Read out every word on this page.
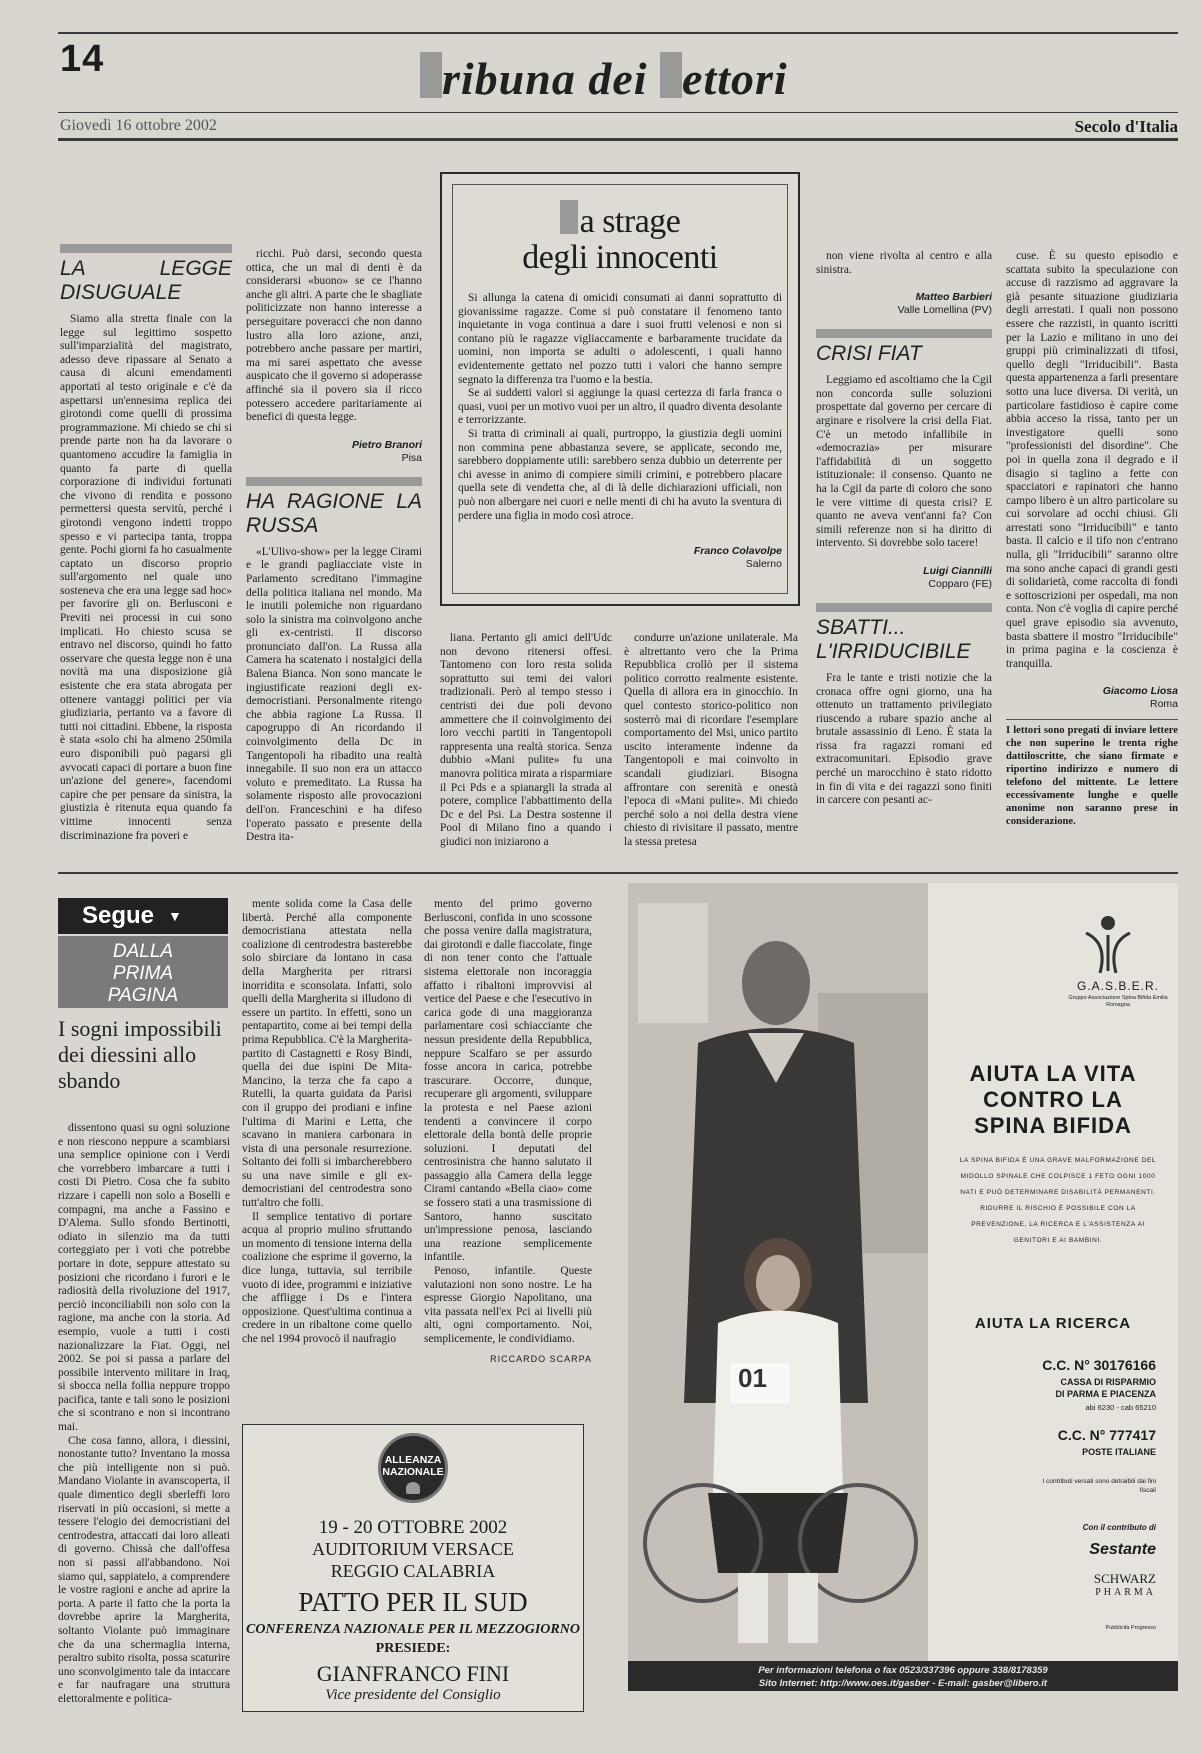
14	ribuna dei ettori
Giovedì 16 ottobre 2002	Secolo d'Italia
LA LEGGE DISUGUALE

Siamo alla stretta finale con la legge sul legittimo sospetto sull'imparzialità del magistrato, adesso deve ripassare al Senato a causa di alcuni emendamenti apportati al testo originale e c'è da aspettarsi un'ennesima replica dei girotondi come quelli di prossima programmazione. Mi chiedo se chi si prende parte non ha da lavorare o quantomeno accudire la famiglia in quanto fa parte di quella corporazione di individui fortunati che vivono di rendita e possono permettersi questa servitù, perché i girotondi vengono indetti troppo spesso e vi partecipa tanta, troppa gente. Pochi giorni fa ho casualmente captato un discorso proprio sull'argomento nel quale uno sosteneva che era una legge sad hoc» per favorire gli on. Berlusconi e Previti nei processi in cui sono implicati. Ho chiesto scusa se entravo nel discorso, quindi ho fatto osservare che questa legge non è una novità ma una disposizione già esistente che era stata abrogata per ottenere vantaggi politici per via giudiziaria, pertanto va a favore di tutti noi cittadini. Ebbene, la risposta è stata «solo chi ha almeno 250mila euro disponibili può pagarsi gli avvocati capaci di portare a buon fine un'azione del genere», facendomi capire che per pensare da sinistra, la giustizia è ritenuta equa quando fa vittime innocenti senza discriminazione fra poveri e

ricchi. Può darsi, secondo questa ottica, che un mal di denti è da considerarsi «buono» se ce l'hanno anche gli altri. A parte che le sbagliate politicizzate non hanno interesse a perseguitare poveracci che non danno lustro alla loro azione, anzi, potrebbero anche passare per martiri, ma mi sarei aspettato che avesse auspicato che il governo si adoperasse affinché sia il povero sia il ricco potessero accedere paritariamente ai benefici di questa legge.

Pietro Branori
Pisa
HA RAGIONE LA RUSSA

«L'Ulivo-show» per la legge Cirami e le grandi pagliacciate viste in Parlamento screditano l'immagine della politica italiana nel mondo. Ma le inutili polemiche non riguardano solo la sinistra ma coinvolgono anche gli ex-centristi. Il discorso pronunciato dall'on. La Russa alla Camera ha scatenato i nostalgici della Balena Bianca. Non sono mancate le ingiustificate reazioni degli ex-democristiani. Personalmente ritengo che abbia ragione La Russa. Il capogruppo di An ricordando il coinvolgimento della Dc in Tangentopoli ha ribadito una realtà innegabile. Il suo non era un attacco voluto e premeditato. La Russa ha solamente risposto alle provocazioni dell'on. Franceschini e ha difeso l'operato passato e presente della Destra ita-

a strage
degli innocenti

Si allunga la catena di omicidi consumati ai danni soprattutto di giovanissime ragazze. Come si può constatare il fenomeno tanto inquietante in voga continua a dare i suoi frutti velenosi e non si contano più le ragazze vigliaccamente e barbaramente trucidate da uomini, non importa se adulti o adolescenti, i quali hanno evidentemente gettato nel pozzo tutti i valori che hanno sempre segnato la differenza tra l'uomo e la bestia.

Se ai suddetti valori si aggiunge la quasi certezza di farla franca o quasi, vuoi per un motivo vuoi per un altro, il quadro diventa desolante e terrorizzante.

Si tratta di criminali ai quali, purtroppo, la giustizia degli uomini non commina pene abbastanza severe, se applicate, secondo me, sarebbero doppiamente utili: sarebbero senza dubbio un deterrente per chi avesse in animo di compiere simili crimini, e potrebbero placare quella sete di vendetta che, al di là delle dichiarazioni ufficiali, non può non albergare nei cuori e nelle menti di chi ha avuto la sventura di perdere una figlia in modo così atroce.

Franco Colavolpe
Salerno

liana. Pertanto gli amici dell'Udc non devono ritenersi offesi. Tantomeno con loro resta solida soprattutto sui temi dei valori tradizionali. Però al tempo stesso i centristi dei due poli devono ammettere che il coinvolgimento dei loro vecchi partiti in Tangentopoli rappresenta una realtà storica. Senza dubbio «Mani pulite» fu una manovra politica mirata a risparmiare il Pci Pds e a spianargli la strada al potere, complice l'abbattimento della Dc e del Psi. La Destra sostenne il Pool di Milano fino a quando i giudici non iniziarono a

condurre un'azione unilaterale. Ma è altrettanto vero che la Prima Repubblica crollò per il sistema politico corrotto realmente esistente. Quella di allora era in ginocchio. In quel contesto storico-politico non sosterrò mai di ricordare l'esemplare comportamento del Msi, unico partito uscito interamente indenne da Tangentopoli e mai coinvolto in scandali giudiziari. Bisogna affrontare con serenità e onestà l'epoca di «Mani pulite». Mi chiedo perché solo a noi della destra viene chiesto di rivisitare il passato, mentre la stessa pretesa

non viene rivolta al centro e alla sinistra.

Matteo Barbieri
Valle Lomellina (PV)
CRISI FIAT

Leggiamo ed ascoltiamo che la Cgil non concorda sulle soluzioni prospettate dal governo per cercare di arginare e risolvere la crisi della Fiat. C'è un metodo infallibile in «democrazia» per misurare l'affidabilità di un soggetto istituzionale: il consenso. Quanto ne ha la Cgil da parte di coloro che sono le vere vittime di questa crisi? E quanto ne aveva vent'anni fa? Con simili referenze non si ha diritto di intervento. Si dovrebbe solo tacere!

Luigi Ciannilli
Copparo (FE)
SBATTI... L'IRRIDUCIBILE

Fra le tante e tristi notizie che la cronaca offre ogni giorno, una ha ottenuto un trattamento privilegiato riuscendo a rubare spazio anche al brutale assassinio di Leno. È stata la rissa fra ragazzi romani ed extracomunitari. Episodio grave perché un marocchino è stato ridotto in fin di vita e dei ragazzi sono finiti in carcere con pesanti ac-

cuse. È su questo episodio e scattata subito la speculazione con accuse di razzismo ad aggravare la già pesante situazione giudiziaria degli arrestati. I quali non possono essere che razzisti, in quanto iscritti per la Lazio e militano in uno dei gruppi più criminalizzati di tifosi, quello degli "Irriducibili". Basta questa appartenenza a farli presentare sotto una luce diversa. Di verità, un particolare fastidioso è capire come abbia acceso la rissa, tanto per un investigatore quelli sono "professionisti del disordine". Che poi in quella zona il degrado e il disagio si taglino a fette con spacciatori e rapinatori che hanno campo libero è un altro particolare su cui sorvolare ad occhi chiusi. Gli arrestati sono "Irriducibili" e tanto basta. Il calcio e il tifo non c'entrano nulla, gli "Irriducibili" saranno oltre ma sono anche capaci di grandi gesti di solidarietà, come raccolta di fondi e sottoscrizioni per ospedali, ma non conta. Non c'è voglia di capire perché quel grave episodio sia avvenuto, basta sbattere il mostro "Irriducibile" in prima pagina e la coscienza è tranquilla.

Giacomo Liosa
Roma
I lettori sono pregati di inviare lettere che non superino le trenta righe dattiloscritte, che siano firmate e riportino indirizzo e numero di telefono del mittente. Le lettere eccessivamente lunghe e quelle anonime non saranno prese in considerazione.
Segue ▼
DALLA
PRIMA
PAGINA
I sogni impossibili dei diessini allo sbando

dissentono quasi su ogni soluzione e non riescono neppure a scambiarsi una semplice opinione con i Verdi che vorrebbero imbarcare a tutti i costi Di Pietro. Cosa che fa subito rizzare i capelli non solo a Boselli e compagni, ma anche a Fassino e D'Alema. Sullo sfondo Bertinotti, odiato in silenzio ma da tutti corteggiato per i voti che potrebbe portare in dote, seppure attestato su posizioni che ricordano i furori e le radiosità della rivoluzione del 1917, perciò inconciliabili non solo con la ragione, ma anche con la storia. Ad esempio, vuole a tutti i costi nazionalizzare la Fiat. Oggi, nel 2002. Se poi si passa a parlare del possibile intervento militare in Iraq, si sbocca nella follia neppure troppo pacifica, tante e tali sono le posizioni che si scontrano e non si incontrano mai.

Che cosa fanno, allora, i diessini, nonostante tutto? Inventano la mossa che più intelligente non si può. Mandano Violante in avanscoperta, il quale dimentico degli sberleffi loro riservati in più occasioni, si mette a tessere l'elogio dei democristiani del centrodestra, attaccati dai loro alleati di governo. Chissà che dall'offesa non si passi all'abbandono. Noi siamo qui, sappiatelo, a comprendere le vostre ragioni e anche ad aprire la porta. A parte il fatto che la porta la dovrebbe aprire la Margherita, soltanto Violante può immaginare che da una schermaglia interna, peraltro subito risolta, possa scaturire uno sconvolgimento tale da intaccare e far naufragare una struttura elettoralmente e politica-

mente solida come la Casa delle libertà. Perché alla componente democristiana attestata nella coalizione di centrodestra basterebbe solo sbirciare da lontano in casa della Margherita per ritrarsi inorridita e sconsolata. Infatti, solo quelli della Margherita si illudono di essere un partito. In effetti, sono un pentapartito, come ai bei tempi della prima Repubblica. C'è la Margherita-partito di Castagnetti e Rosy Bindi, quella dei due ispini De Mita-Mancino, la terza che fa capo a Rutelli, la quarta guidata da Parisi con il gruppo dei prodiani e infine l'ultima di Marini e Letta, che scavano in maniera carbonara in vista di una personale resurrezione. Soltanto dei folli si imbarcherebbero su una nave simile e gli ex-democristiani del centrodestra sono tutt'altro che folli.

Il semplice tentativo di portare acqua al proprio mulino sfruttando un momento di tensione interna della coalizione che esprime il governo, la dice lunga, tuttavia, sul terribile vuoto di idee, programmi e iniziative che affligge i Ds e l'intera opposizione. Quest'ultima continua a credere in un ribaltone come quello che nel 1994 provocò il naufragio

mento del primo governo Berlusconi, confida in uno scossone che possa venire dalla magistratura, dai girotondi e dalle fiaccolate, finge di non tener conto che l'attuale sistema elettorale non incoraggia affatto i ribaltoni improvvisi al vertice del Paese e che l'esecutivo in carica gode di una maggioranza parlamentare così schiacciante che nessun presidente della Repubblica, neppure Scalfaro se per assurdo fosse ancora in carica, potrebbe trascurare. Occorre, dunque, recuperare gli argomenti, sviluppare la protesta e nel Paese azioni tendenti a convincere il corpo elettorale della bontà delle proprie soluzioni. I deputati del centrosinistra che hanno salutato il passaggio alla Camera della legge Cirami cantando «Bella ciao» come se fossero stati a una trasmissione di Santoro, hanno suscitato un'impressione penosa, lasciando una reazione semplicemente infantile.

Penoso, infantile. Queste valutazioni non sono nostre. Le ha espresse Giorgio Napolitano, una vita passata nell'ex Pci ai livelli più alti, ogni comportamento. Noi, semplicemente, le condividiamo.

RICCARDO SCARPA
ALLEANZA
NAZIONALE
19 - 20 OTTOBRE 2002
AUDITORIUM VERSACE
REGGIO CALABRIA
PATTO PER IL SUD
CONFERENZA NAZIONALE PER IL MEZZOGIORNO
PRESIEDE:
GIANFRANCO FINI
Vice presidente del Consiglio
01
G.A.S.B.E.R.
Gruppo Associazione Spina Bifida Emilia Romagna
AIUTA LA VITA
CONTRO LA
SPINA BIFIDA
LA SPINA BIFIDA È UNA GRAVE MALFORMAZIONE DEL MIDOLLO SPINALE CHE COLPISCE 1 FETO OGNI 1000 NATI E PUÒ DETERMINARE DISABILITÀ PERMANENTI. RIDURRE IL RISCHIO È POSSIBILE CON LA PREVENZIONE, LA RICERCA E L'ASSISTENZA AI GENITORI E AI BAMBINI.
AIUTA LA RICERCA
C.C. N° 30176166
CASSA DI RISPARMIO
DI PARMA E PIACENZA
abi 6230 - cab 65210
C.C. N° 777417
POSTE ITALIANE
I contributi versati sono detraibili dai fini fiscali
Con il contributo di
Sestante
SCHWARZ
PHARMA
Pubblicità Progresso
Per informazioni telefona o fax 0523/337396 oppure 338/8178359
Sito Internet: http://www.oes.it/gasber - E-mail: gasber@libero.it
